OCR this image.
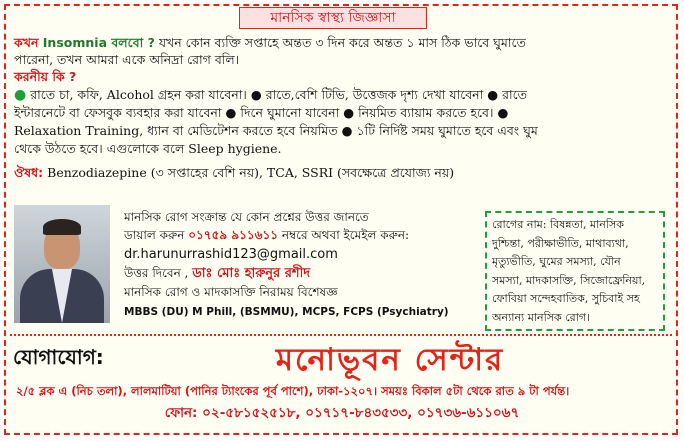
মানসিক স্বাস্থ্য জিজ্ঞাসা
কখন Insomnia বলবো ? যখন কোন ব্যক্তি সপ্তাহে অন্তত ৩ দিন করে অন্তত ১ মাস ঠিক ভাবে ঘুমাতে
পারেনা, তখন আমরা একে অনিদ্রা রোগ বলি।
করনীয় কি ?
● রাতে চা, কফি, Alcohol গ্রহন করা যাবেনা। ● রাতে,বেশি টিভি, উত্তেজক দৃশ্য দেখা যাবেনা ● রাতে
ইন্টারনেটে বা ফেসবুক ব্যবহার করা যাবেনা ● দিনে ঘুমানো যাবেনা ● নিয়মিত ব্যায়াম করতে হবে। ●
Relaxation Training, ধ্যান বা মেডিটেশন করতে হবে নিয়মিত ● ১টি নির্দিষ্ট সময় ঘুমাতে হবে এবং ঘুম
থেকে উঠতে হবে। এগুলোকে বলে Sleep hygiene.
ঔষধ: Benzodiazepine (৩ সপ্তাহের বেশি নয়), TCA, SSRI (সবক্ষেত্রে প্রযোজ্য নয়)
মানসিক রোগ সংক্রান্ত যে কোন প্রশ্নের উত্তর জানতে
ডায়াল করুন ০১৭৫৯ ৯১১৬১১ নম্বরে অথবা ইমেইল করুন:
dr.harunurrashid123@gmail.com
উত্তর দিবেন , ডাঃ মোঃ হারুনুর রশীদ
মানসিক রোগ ও মাদকাসক্তি নিরাময় বিশেষজ্ঞ
MBBS (DU) M Phill, (BSMMU), MCPS, FCPS (Psychiatry)
রোগের নাম: বিষন্নতা, মানসিক
দুশ্চিন্তা, পরীক্ষাভীতি, মাথাব্যথা,
মৃত্যুভীতি, ঘুমের সমস্যা, যৌন
সমস্যা, মাদকাসক্তি, সিজোফ্রেনিয়া,
ফোবিয়া সন্দেহবাতিক, সুচিবাই সহ
অন্যান্য মানসিক রোগ।
যোগাযোগ:	মনোভূবন সেন্টার
২/৫ ব্লক এ (নিচ তলা), লালমাটিয়া (পানির ট্যাংকের পূর্ব পাশে), ঢাকা-১২০৭। সময়ঃ বিকাল ৫টা থেকে রাত ৯ টা পর্যন্ত।
ফোন: ০২-৫৮১৫২৫১৮, ০১৭১৭-৮৪৩৫৩৩, ০১৭৩৬-৬১১০৬৭
